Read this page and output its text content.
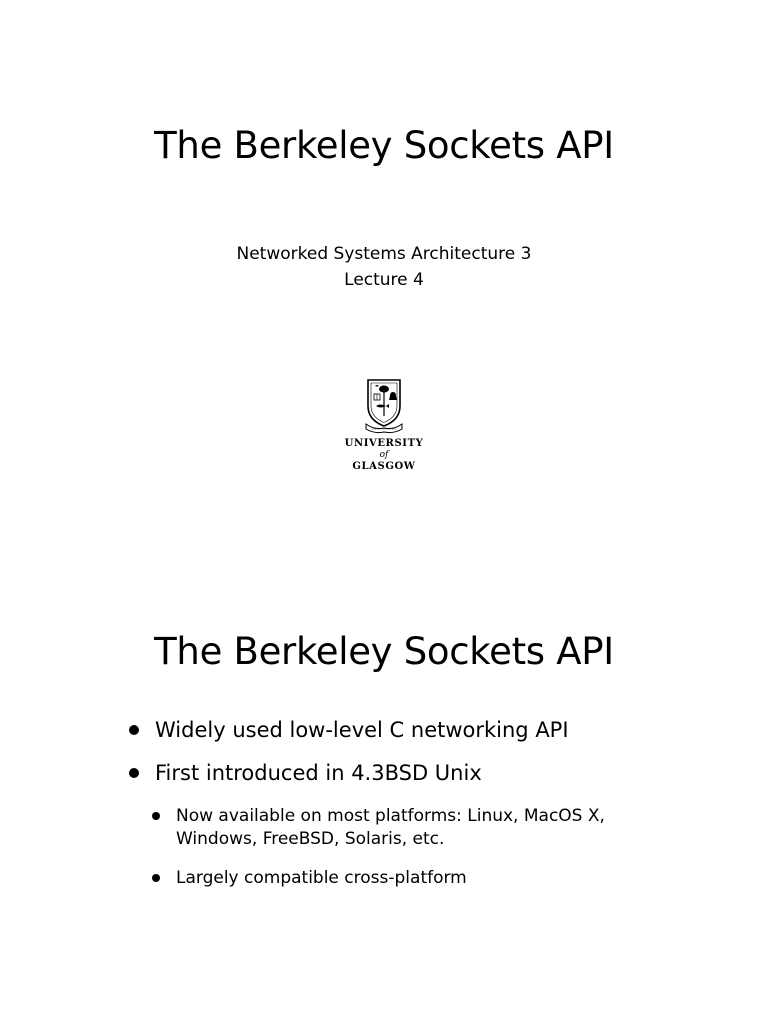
The Berkeley Sockets API
Networked Systems Architecture 3
Lecture 4
UNIVERSITY
of
GLASGOW
The Berkeley Sockets API
Widely used low-level C networking API
First introduced in 4.3BSD Unix
Now available on most platforms: Linux, MacOS X, Windows, FreeBSD, Solaris, etc.
Largely compatible cross-platform
